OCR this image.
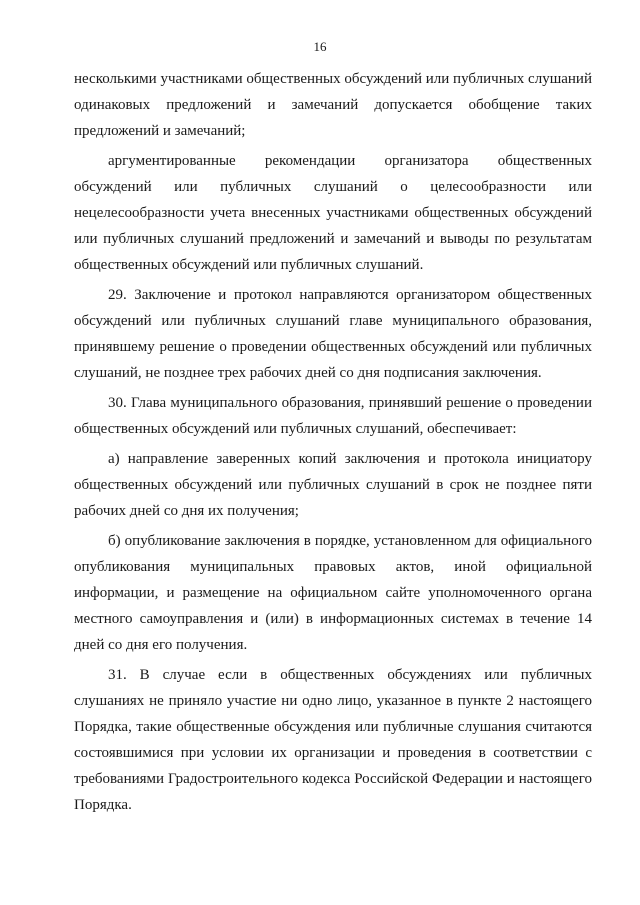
16

несколькими участниками общественных обсуждений или публичных слушаний одинаковых предложений и замечаний допускается обобщение таких предложений и замечаний;

аргументированные рекомендации организатора общественных обсуждений или публичных слушаний о целесообразности или нецелесообразности учета внесенных участниками общественных обсуждений или публичных слушаний предложений и замечаний и выводы по результатам общественных обсуждений или публичных слушаний.

29. Заключение и протокол направляются организатором общественных обсуждений или публичных слушаний главе муниципального образования, принявшему решение о проведении общественных обсуждений или публичных слушаний, не позднее трех рабочих дней со дня подписания заключения.

30. Глава муниципального образования, принявший решение о проведении общественных обсуждений или публичных слушаний, обеспечивает:

а) направление заверенных копий заключения и протокола инициатору общественных обсуждений или публичных слушаний в срок не позднее пяти рабочих дней со дня их получения;

б) опубликование заключения в порядке, установленном для официального опубликования муниципальных правовых актов, иной официальной информации, и размещение на официальном сайте уполномоченного органа местного самоуправления и (или) в информационных системах в течение 14 дней со дня его получения.

31. В случае если в общественных обсуждениях или публичных слушаниях не приняло участие ни одно лицо, указанное в пункте 2 настоящего Порядка, такие общественные обсуждения или публичные слушания считаются состоявшимися при условии их организации и проведения в соответствии с требованиями Градостроительного кодекса Российской Федерации и настоящего Порядка.
